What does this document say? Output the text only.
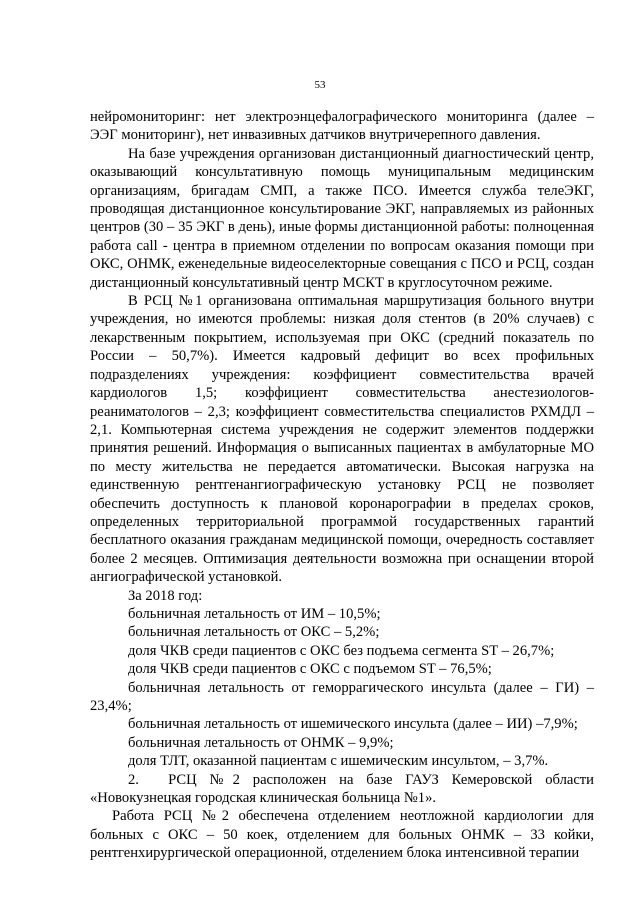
53

нейромониторинг: нет электроэнцефалографического мониторинга (далее – ЭЭГ мониторинг), нет инвазивных датчиков внутричерепного давления.

На базе учреждения организован дистанционный диагностический центр, оказывающий консультативную помощь муниципальным медицинским организациям, бригадам СМП, а также ПСО. Имеется служба телеЭКГ, проводящая дистанционное консультирование ЭКГ, направляемых из районных центров (30 – 35 ЭКГ в день), иные формы дистанционной работы: полноценная работа call - центра в приемном отделении по вопросам оказания помощи при ОКС, ОНМК, еженедельные видеоселекторные совещания с ПСО и РСЦ, создан дистанционный консультативный центр МСКТ в круглосуточном режиме.

В РСЦ №1 организована оптимальная маршрутизация больного внутри учреждения, но имеются проблемы: низкая доля стентов (в 20% случаев) с лекарственным покрытием, используемая при ОКС (средний показатель по России – 50,7%). Имеется кадровый дефицит во всех профильных подразделениях учреждения: коэффициент совместительства врачей кардиологов 1,5; коэффициент совместительства анестезиологов-реаниматологов – 2,3; коэффициент совместительства специалистов РХМДЛ – 2,1. Компьютерная система учреждения не содержит элементов поддержки принятия решений. Информация о выписанных пациентах в амбулаторные МО по месту жительства не передается автоматически. Высокая нагрузка на единственную рентгенангиографическую установку РСЦ не позволяет обеспечить доступность к плановой коронарографии в пределах сроков, определенных территориальной программой государственных гарантий бесплатного оказания гражданам медицинской помощи, очередность составляет более 2 месяцев. Оптимизация деятельности возможна при оснащении второй ангиографической установкой.

За 2018 год:

больничная летальность от ИМ – 10,5%;

больничная летальность от ОКС – 5,2%;

доля ЧКВ среди пациентов с ОКС без подъема сегмента ST – 26,7%;

доля ЧКВ среди пациентов с ОКС с подъемом ST – 76,5%;

больничная летальность от геморрагического инсульта (далее – ГИ) – 23,4%;

больничная летальность от ишемического инсульта (далее – ИИ) –7,9%;

больничная летальность от ОНМК – 9,9%;

доля ТЛТ, оказанной пациентам с ишемическим инсультом, – 3,7%.

2.  РСЦ №2 расположен на базе ГАУЗ Кемеровской области «Новокузнецкая городская клиническая больница №1».

Работа РСЦ №2 обеспечена отделением неотложной кардиологии для больных с ОКС – 50 коек, отделением для больных ОНМК – 33 койки, рентгенхирургической операционной, отделением блока интенсивной терапии
